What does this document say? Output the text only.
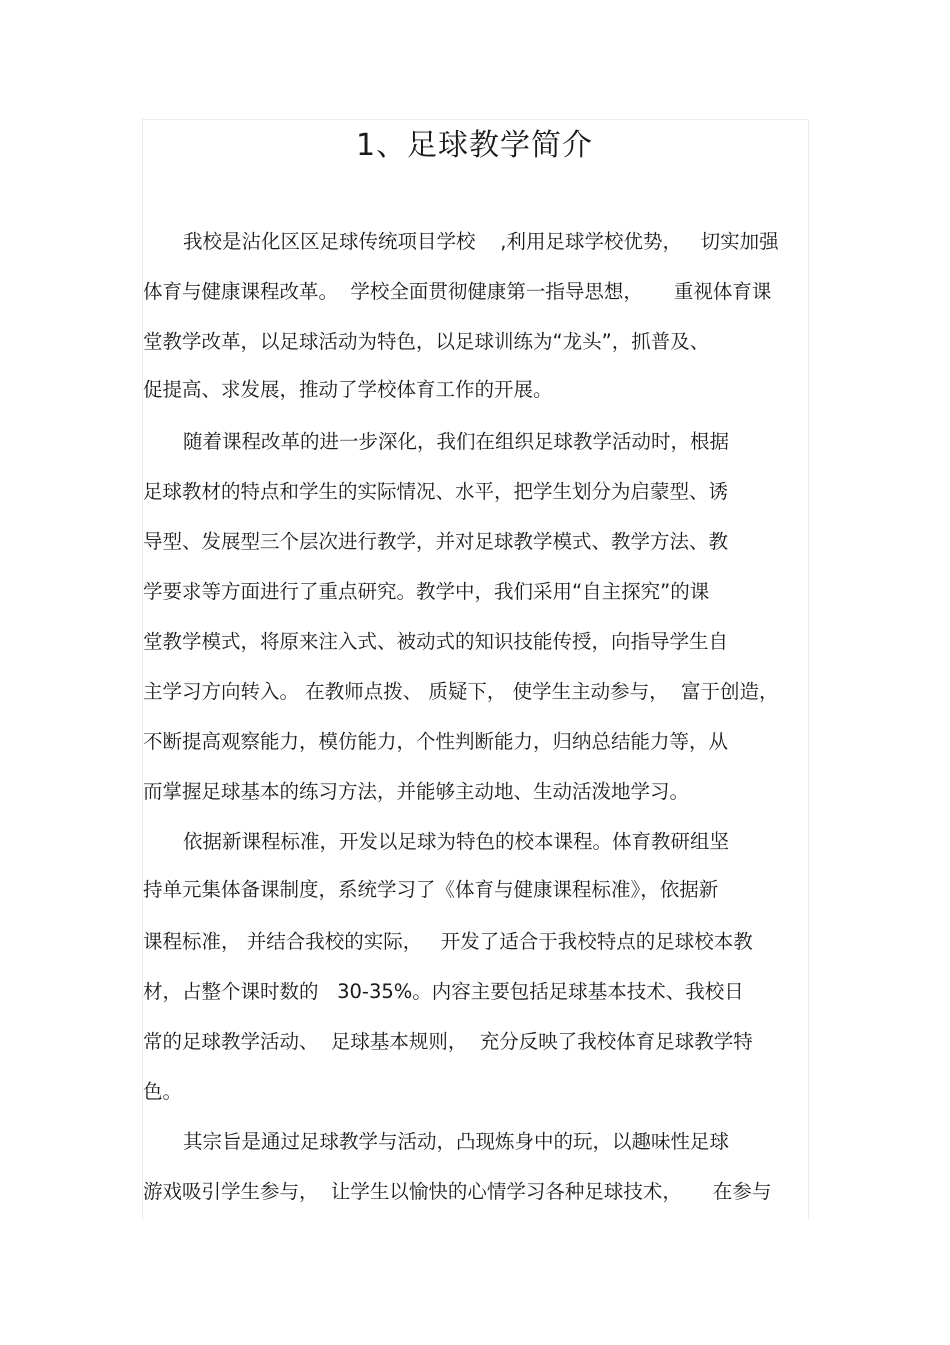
1、足球教学简介

我校是沾化区区足球传统项目学校    ,利用足球学校优势，   切实加强

体育与健康课程改革。  学校全面贯彻健康第一指导思想，     重视体育课

堂教学改革，以足球活动为特色，以足球训练为“龙头”，抓普及、

促提高、求发展，推动了学校体育工作的开展。

随着课程改革的进一步深化，我们在组织足球教学活动时，根据

足球教材的特点和学生的实际情况、水平，把学生划分为启蒙型、诱

导型、发展型三个层次进行教学，并对足球教学模式、教学方法、教

学要求等方面进行了重点研究。教学中，我们采用“自主探究”的课

堂教学模式，将原来注入式、被动式的知识技能传授，向指导学生自

主学习方向转入。 在教师点拨、 质疑下， 使学生主动参与，  富于创造，

不断提高观察能力，模仿能力，个性判断能力，归纳总结能力等，从

而掌握足球基本的练习方法，并能够主动地、生动活泼地学习。

依据新课程标准，开发以足球为特色的校本课程。体育教研组坚

持单元集体备课制度，系统学习了《体育与健康课程标准》，依据新

课程标准， 并结合我校的实际，   开发了适合于我校特点的足球校本教

材，占整个课时数的   30-35%。内容主要包括足球基本技术、我校日

常的足球教学活动、  足球基本规则，  充分反映了我校体育足球教学特

色。

其宗旨是通过足球教学与活动，凸现炼身中的玩，以趣味性足球

游戏吸引学生参与，  让学生以愉快的心情学习各种足球技术，     在参与
